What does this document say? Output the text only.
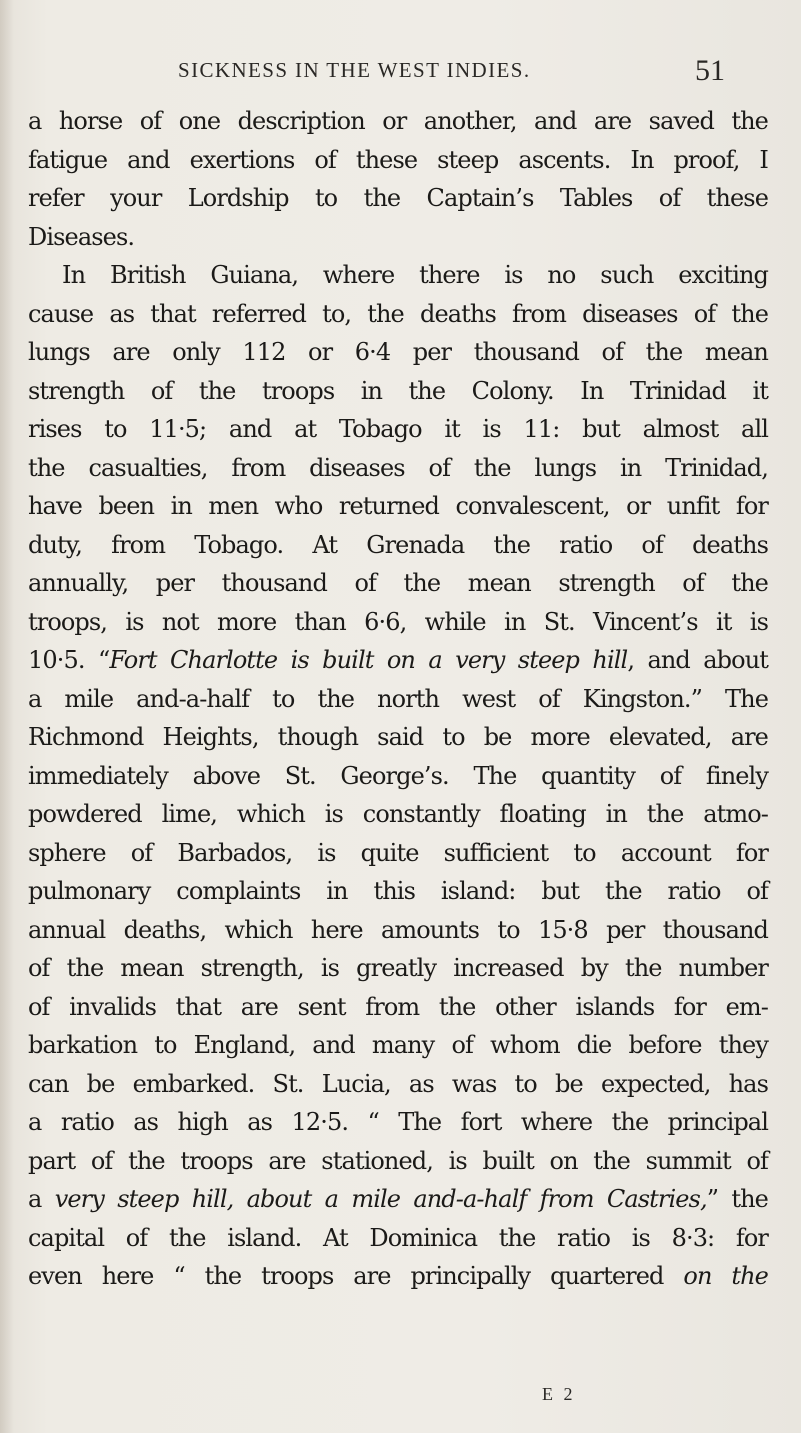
SICKNESS IN THE WEST INDIES.	51
a horse of one description or another, and are saved the
fatigue and exertions of these steep ascents. In proof, I
refer your Lordship to the Captain’s Tables of these
Diseases.
In British Guiana, where there is no such exciting
cause as that referred to, the deaths from diseases of the
lungs are only 112 or 6·4 per thousand of the mean
strength of the troops in the Colony. In Trinidad it
rises to 11·5; and at Tobago it is 11: but almost all
the casualties, from diseases of the lungs in Trinidad,
have been in men who returned convalescent, or unfit for
duty, from Tobago. At Grenada the ratio of deaths
annually, per thousand of the mean strength of the
troops, is not more than 6·6, while in St. Vincent’s it is
10·5. “Fort Charlotte is built on a very steep hill, and about
a mile and-a-half to the north west of Kingston.” The
Richmond Heights, though said to be more elevated, are
immediately above St. George’s. The quantity of finely
powdered lime, which is constantly floating in the atmo-
sphere of Barbados, is quite sufficient to account for
pulmonary complaints in this island: but the ratio of
annual deaths, which here amounts to 15·8 per thousand
of the mean strength, is greatly increased by the number
of invalids that are sent from the other islands for em-
barkation to England, and many of whom die before they
can be embarked. St. Lucia, as was to be expected, has
a ratio as high as 12·5. “ The fort where the principal
part of the troops are stationed, is built on the summit of
a very steep hill, about a mile and-a-half from Castries,” the
capital of the island. At Dominica the ratio is 8·3: for
even here “ the troops are principally quartered on the
E 2
